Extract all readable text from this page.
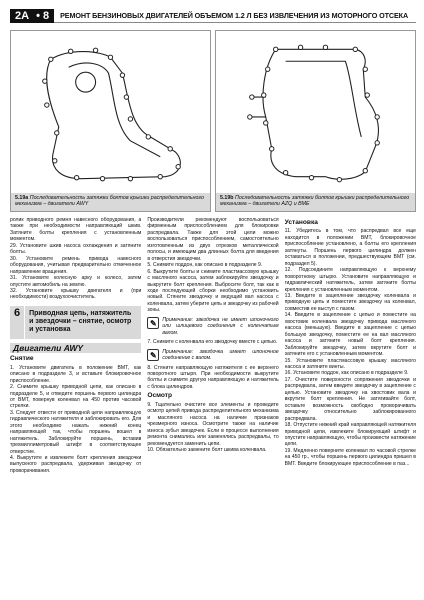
2A • 8	РЕМОНТ БЕНЗИНОВЫХ ДВИГАТЕЛЕЙ ОБЪЕМОМ 1.2 Л БЕЗ ИЗВЛЕЧЕНИЯ ИЗ МОТОРНОГО ОТСЕКА
5.19а Последовательность затяжки болтов крышки распределительного механизма – двигатели AWY
5.19b Последовательность затяжки болтов крышки распределительного механизма – двигатели AZQ и BME

ролик приводного ремня навесного оборудования, а также при необходимости направляющий шкив. Затяните болты крепления с установленным моментом.

29. Установите шкив насоса охлаждения и затяните болты.

30. Установите ремень привода навесного оборудования, учитывая предварительно отмеченное направление вращения.

31. Установите колесную арку и колесо, затем опустите автомобиль на землю.

32. Установите крышку двигателя и (при необходимости) воздухоочиститель.

6	Приводная цепь, натяжитель и звездочки – снятие, осмотр и установка
Двигатели AWY
Снятие

1. Установите двигатель в положение ВМТ, как описано в подразделе 3, и вставьте блокировочное приспособление.

2. Снимите крышку приводной цепи, как описано в подразделе 5, и отведите поршень первого цилиндра от ВМТ, повернув коленвал на 450 против часовой стрелки.

3. Следует отвести от приводной цепи направляющую гидравлического натяжителя и заблокировать его. Для этого необходимо нажать нижний конец направляющей так, чтобы поршень вошел в натяжитель. Заблокируйте поршень, вставив трехмиллиметровый штифт в соответствующее отверстие.

4. Выкрутите и извлеките болт крепления звездочки выпускного распредвала, удерживая звездочку от проворачивания.

Производители рекомендуют воспользоваться фирменным приспособлением для блокировки распредвала. Также для этой цели можно воспользоваться приспособлением, самостоятельно изготовленным из двух отрезков металлической полосы, и имеющим два длинных болта для введения в отверстия звездочки.

5. Снимите поддон, как описано в подразделе 9.

6. Выкрутите болты и снимите пластмассовую крышку с масляного насоса, затем заблокируйте звездочку и выкрутите болт крепления. Выбросите болт, так как в ходе последующей сборки необходимо установить новый. Стяните звездочку и ведущий вал насоса с коленвала, затем уберите цепь и звездочку из рабочей зоны.

✎	Примечание: звездочка не имеет шпоночного или шлицевого соединения с коленчатым валом.

7. Снимите с коленвала его звездочку вместе с цепью.

✎	Примечание: звездочка имеет шпоночное соединение с валом.

8. Стяните направляющую натяжителя с ее верхнего поворотного штыря. При необходимости выкрутите болты и снимите другую направляющую и натяжитель с блока цилиндров.

Осмотр

9. Тщательно очистите все элементы и проведите осмотр цепей привода распределительного механизма и масляного насоса на наличие признаков чрезмерного износа. Осмотрите также на наличие износа зубья звездочек. Если в процессе выполнения ремонта снимались или заменялись распредвалы, то рекомендуется заменить цепи.

10. Обязательно замените болт шкива коленвала.

Установка

11. Убедитесь в том, что распредвал все еще находится в положении ВМТ, блокировочное приспособление установлено, а болты его крепления затянуты. Поршень первого цилиндра должен оставаться в положении, предшествующем ВМТ (см. подраздел 5).

12. Подсоедините направляющую к верхнему поворотному штырю. Установите направляющую и гидравлический натяжитель, затем затяните болты крепления с установленным моментом.

13. Введите в зацепление звездочку коленвала и приводную цепь и поместите звездочку на коленвал, совместив ее выступ с пазом.

14. Введите в зацепление с цепью и поместите на хвостовик коленвала звездочку привода масляного насоса (меньшую). Введите в зацепление с цепью большую звездочку, поместите ее на вал масляного насоса и затяните новый болт крепления. Заблокируйте звездочку, затем вкрутите болт и затяните его с установленным моментом.

15. Установите пластмассовую крышку масляного насоса и затяните винты.

16. Установите поддон, как описано в подразделе 9.

17. Очистите поверхности сопряжения звездочки и распредвала, затем введите звездочку в зацепление с цепью. Установите звездочку на хвостовик вала и вкрутите болт крепления. Не затягивайте болт, оставьте возможность свободно проворачивать звездочку относительно заблокированного распредвала.

18. Отпустите нижний край направляющей натяжителя приводной цепи, извлеките блокирующий штифт и опустите направляющую, чтобы произвести натяжение цепи.

19. Медленно поверните коленвал по часовой стрелке на 450 гр., чтобы поршень первого цилиндра пришел в ВМТ. Введите блокирующее приспособление в паз...
